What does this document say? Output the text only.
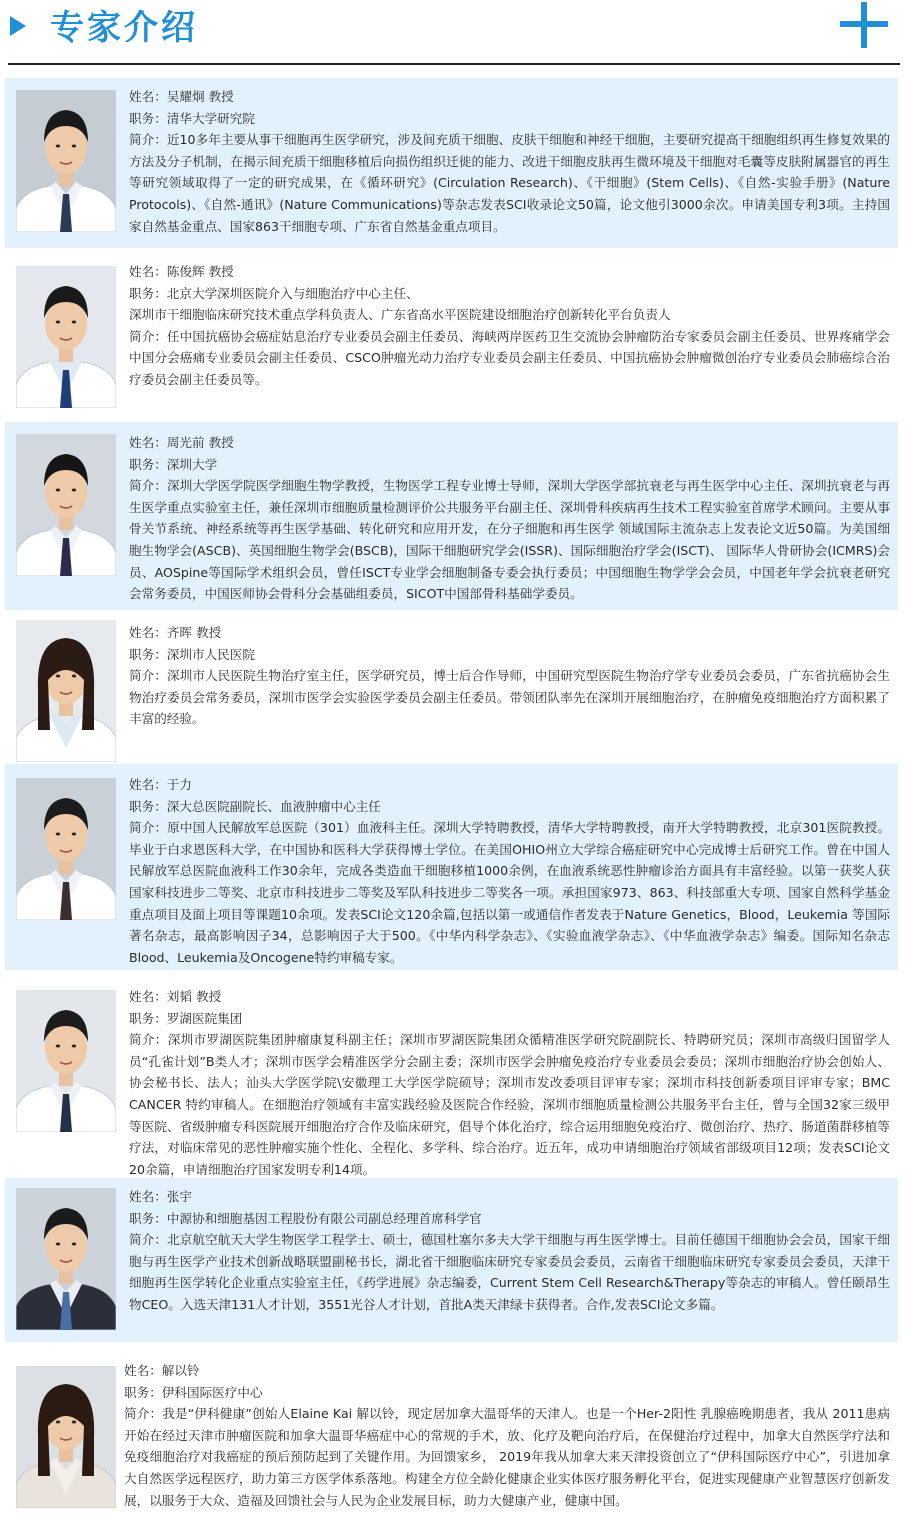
专家介绍
姓名：吴耀炯 教授
职务：清华大学研究院
简介：近10多年主要从事干细胞再生医学研究，涉及间充质干细胞、皮肤干细胞和神经干细胞，主要研究提高干细胞组织再生修复效果的方法及分子机制，在揭示间充质干细胞移植后向损伤组织迁徙的能力、改进干细胞皮肤再生微环境及干细胞对毛囊等皮肤附属器官的再生等研究领域取得了一定的研究成果，在《循环研究》(Circulation Research)、《干细胞》(Stem Cells)、《自然-实验手册》(Nature Protocols)、《自然-通讯》(Nature Communications)等杂志发表SCI收录论文50篇，论文他引3000余次。申请美国专利3项。主持国家自然基金重点、国家863干细胞专项、广东省自然基金重点项目。
姓名：陈俊辉 教授
职务：北京大学深圳医院介入与细胞治疗中心主任、
深圳市干细胞临床研究技术重点学科负责人、广东省高水平医院建设细胞治疗创新转化平台负责人
简介：任中国抗癌协会癌症姑息治疗专业委员会副主任委员、海峡两岸医药卫生交流协会肿瘤防治专家委员会副主任委员、世界疼痛学会中国分会癌痛专业委员会副主任委员、CSCO肿瘤光动力治疗专业委员会副主任委员、中国抗癌协会肿瘤微创治疗专业委员会肺癌综合治疗委员会副主任委员等。
姓名：周光前 教授
职务：深圳大学
简介：深圳大学医学院医学细胞生物学教授，生物医学工程专业博士导师，深圳大学医学部抗衰老与再生医学中心主任、深圳抗衰老与再生医学重点实验室主任，兼任深圳市细胞质量检测评价公共服务平台副主任、深圳骨科疾病再生技术工程实验室首席学术顾问。主要从事骨关节系统、神经系统等再生医学基础、转化研究和应用开发，在分子细胞和再生医学 领域国际主流杂志上发表论文近50篇。为美国细胞生物学会(ASCB)、英国细胞生物学会(BSCB)，国际干细胞研究学会(ISSR)、国际细胞治疗学会(ISCT)、 国际华人骨研协会(ICMRS)会员、AOSpine等国际学术组织会员，曾任ISCT专业学会细胞制备专委会执行委员；中国细胞生物学学会会员，中国老年学会抗衰老研究会常务委员，中国医师协会骨科分会基础组委员，SICOT中国部骨科基础学委员。
姓名：齐晖 教授
职务：深圳市人民医院
简介：深圳市人民医院生物治疗室主任，医学研究员，博士后合作导师，中国研究型医院生物治疗学专业委员会委员，广东省抗癌协会生物治疗委员会常务委员，深圳市医学会实验医学委员会副主任委员。带领团队率先在深圳开展细胞治疗，在肿瘤免疫细胞治疗方面积累了丰富的经验。
姓名：于力
职务：深大总医院副院长、血液肿瘤中心主任
简介：原中国人民解放军总医院（301）血液科主任。深圳大学特聘教授，清华大学特聘教授，南开大学特聘教授，北京301医院教授。毕业于白求恩医科大学，在中国协和医科大学获得博士学位。在美国OHIO州立大学综合癌症研究中心完成博士后研究工作。曾在中国人民解放军总医院血液科工作30余年，完成各类造血干细胞移植1000余例，在血液系统恶性肿瘤诊治方面具有丰富经验。以第一获奖人获国家科技进步二等奖、北京市科技进步二等奖及军队科技进步二等奖各一项。承担国家973、863、科技部重大专项、国家自然科学基金重点项目及面上项目等课题10余项。发表SCI论文120余篇,包括以第一或通信作者发表于Nature Genetics，Blood，Leukemia 等国际著名杂志，最高影响因子34，总影响因子大于500。《中华内科学杂志》、《实验血液学杂志》、《中华血液学杂志》编委。国际知名杂志Blood、Leukemia及Oncogene特约审稿专家。
姓名：刘韬 教授
职务：罗湖医院集团
简介：深圳市罗湖医院集团肿瘤康复科副主任；深圳市罗湖医院集团众循精准医学研究院副院长、特聘研究员；深圳市高级归国留学人员“孔雀计划”B类人才；深圳市医学会精准医学分会副主委；深圳市医学会肿瘤免疫治疗专业委员会委员；深圳市细胞治疗协会创始人、协会秘书长、法人；汕头大学医学院\安徽理工大学医学院硕导；深圳市发改委项目评审专家；深圳市科技创新委项目评审专家；BMC CANCER 特约审稿人。在细胞治疗领域有丰富实践经验及医院合作经验，深圳市细胞质量检测公共服务平台主任，曾与全国32家三级甲等医院、省级肿瘤专科医院展开细胞治疗合作及临床研究，倡导个体化治疗，综合运用细胞免疫治疗、微创治疗、热疗、肠道菌群移植等疗法，对临床常见的恶性肿瘤实施个性化、全程化、多学科、综合治疗。近五年，成功申请细胞治疗领域省部级项目12项；发表SCI论文20余篇，申请细胞治疗国家发明专利14项。
姓名：张宇
职务：中源协和细胞基因工程股份有限公司副总经理首席科学官
简介：北京航空航天大学生物医学工程学士、硕士，德国杜塞尔多夫大学干细胞与再生医学博士。目前任德国干细胞协会会员，国家干细胞与再生医学产业技术创新战略联盟副秘书长，湖北省干细胞临床研究专家委员会委员，云南省干细胞临床研究专家委员会委员，天津干细胞再生医学转化企业重点实验室主任，《药学进展》杂志编委，Current Stem Cell Research&Therapy等杂志的审稿人。曾任颐昂生物CEO。入选天津131人才计划，3551光谷人才计划，首批A类天津绿卡获得者。合作,发表SCI论文多篇。
姓名：解以铃
职务：伊科国际医疗中心
简介：我是“伊科健康”创始人Elaine Kai 解以铃，现定居加拿大温哥华的天津人。也是一个Her-2阳性 乳腺癌晚期患者，我从 2011患病开始在经过天津市肿瘤医院和加拿大温哥华癌症中心的常规的手术，放、化疗及靶向治疗后，在保健治疗过程中，加拿大自然医学疗法和免疫细胞治疗对我癌症的预后预防起到了关键作用。为回馈家乡， 2019年我从加拿大来天津投资创立了“伊科国际医疗中心”，引进加拿大自然医学远程医疗，助力第三方医学体系落地。构建全方位全龄化健康企业实体医疗服务孵化平台，促进实现健康产业智慧医疗创新发展，以服务于大众、造福及回馈社会与人民为企业发展目标，助力大健康产业，健康中国。
